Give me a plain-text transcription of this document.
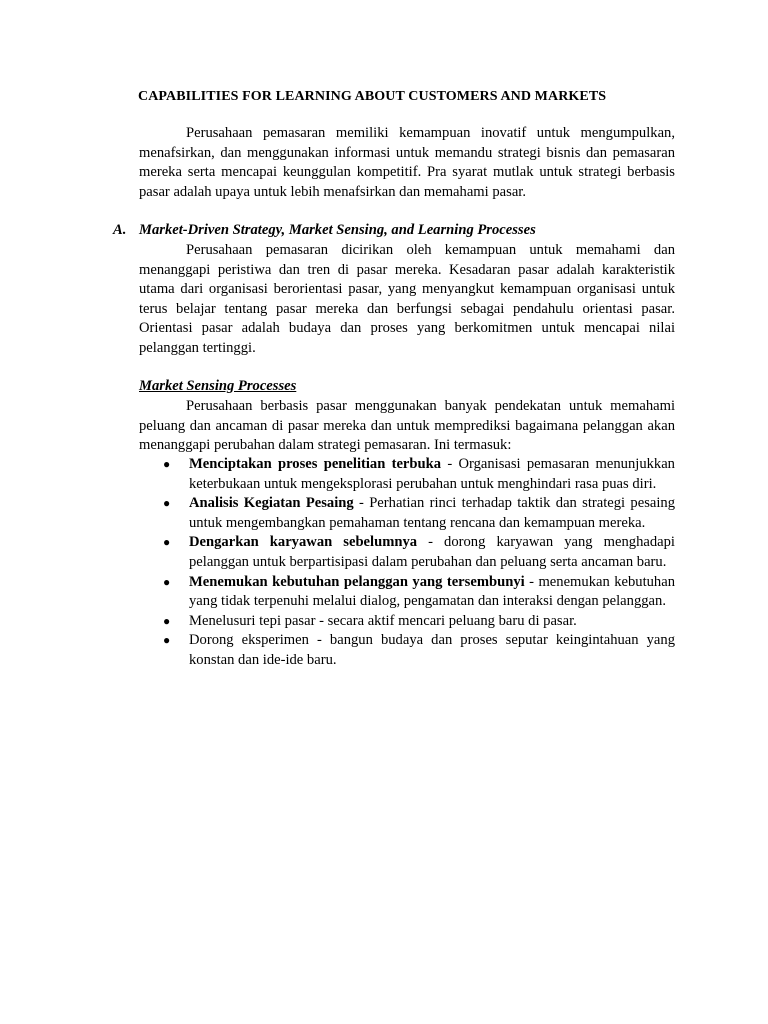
CAPABILITIES FOR LEARNING ABOUT CUSTOMERS AND MARKETS

Perusahaan pemasaran memiliki kemampuan inovatif untuk mengumpulkan, menafsirkan, dan menggunakan informasi untuk memandu strategi bisnis dan pemasaran mereka serta mencapai keunggulan kompetitif. Pra syarat mutlak untuk strategi berbasis pasar adalah upaya untuk lebih menafsirkan dan memahami pasar.

A. Market-Driven Strategy, Market Sensing, and Learning Processes

Perusahaan pemasaran dicirikan oleh kemampuan untuk memahami dan menanggapi peristiwa dan tren di pasar mereka. Kesadaran pasar adalah karakteristik utama dari organisasi berorientasi pasar, yang menyangkut kemampuan organisasi untuk terus belajar tentang pasar mereka dan berfungsi sebagai pendahulu orientasi pasar. Orientasi pasar adalah budaya dan proses yang berkomitmen untuk mencapai nilai pelanggan tertinggi.

Market Sensing Processes

Perusahaan berbasis pasar menggunakan banyak pendekatan untuk memahami peluang dan ancaman di pasar mereka dan untuk memprediksi bagaimana pelanggan akan menanggapi perubahan dalam strategi pemasaran. Ini termasuk:

● Menciptakan proses penelitian terbuka - Organisasi pemasaran menunjukkan keterbukaan untuk mengeksplorasi perubahan untuk menghindari rasa puas diri.
● Analisis Kegiatan Pesaing - Perhatian rinci terhadap taktik dan strategi pesaing untuk mengembangkan pemahaman tentang rencana dan kemampuan mereka.
● Dengarkan karyawan sebelumnya - dorong karyawan yang menghadapi pelanggan untuk berpartisipasi dalam perubahan dan peluang serta ancaman baru.
● Menemukan kebutuhan pelanggan yang tersembunyi - menemukan kebutuhan yang tidak terpenuhi melalui dialog, pengamatan dan interaksi dengan pelanggan.
● Menelusuri tepi pasar - secara aktif mencari peluang baru di pasar.
● Dorong eksperimen - bangun budaya dan proses seputar keingintahuan yang konstan dan ide-ide baru.
